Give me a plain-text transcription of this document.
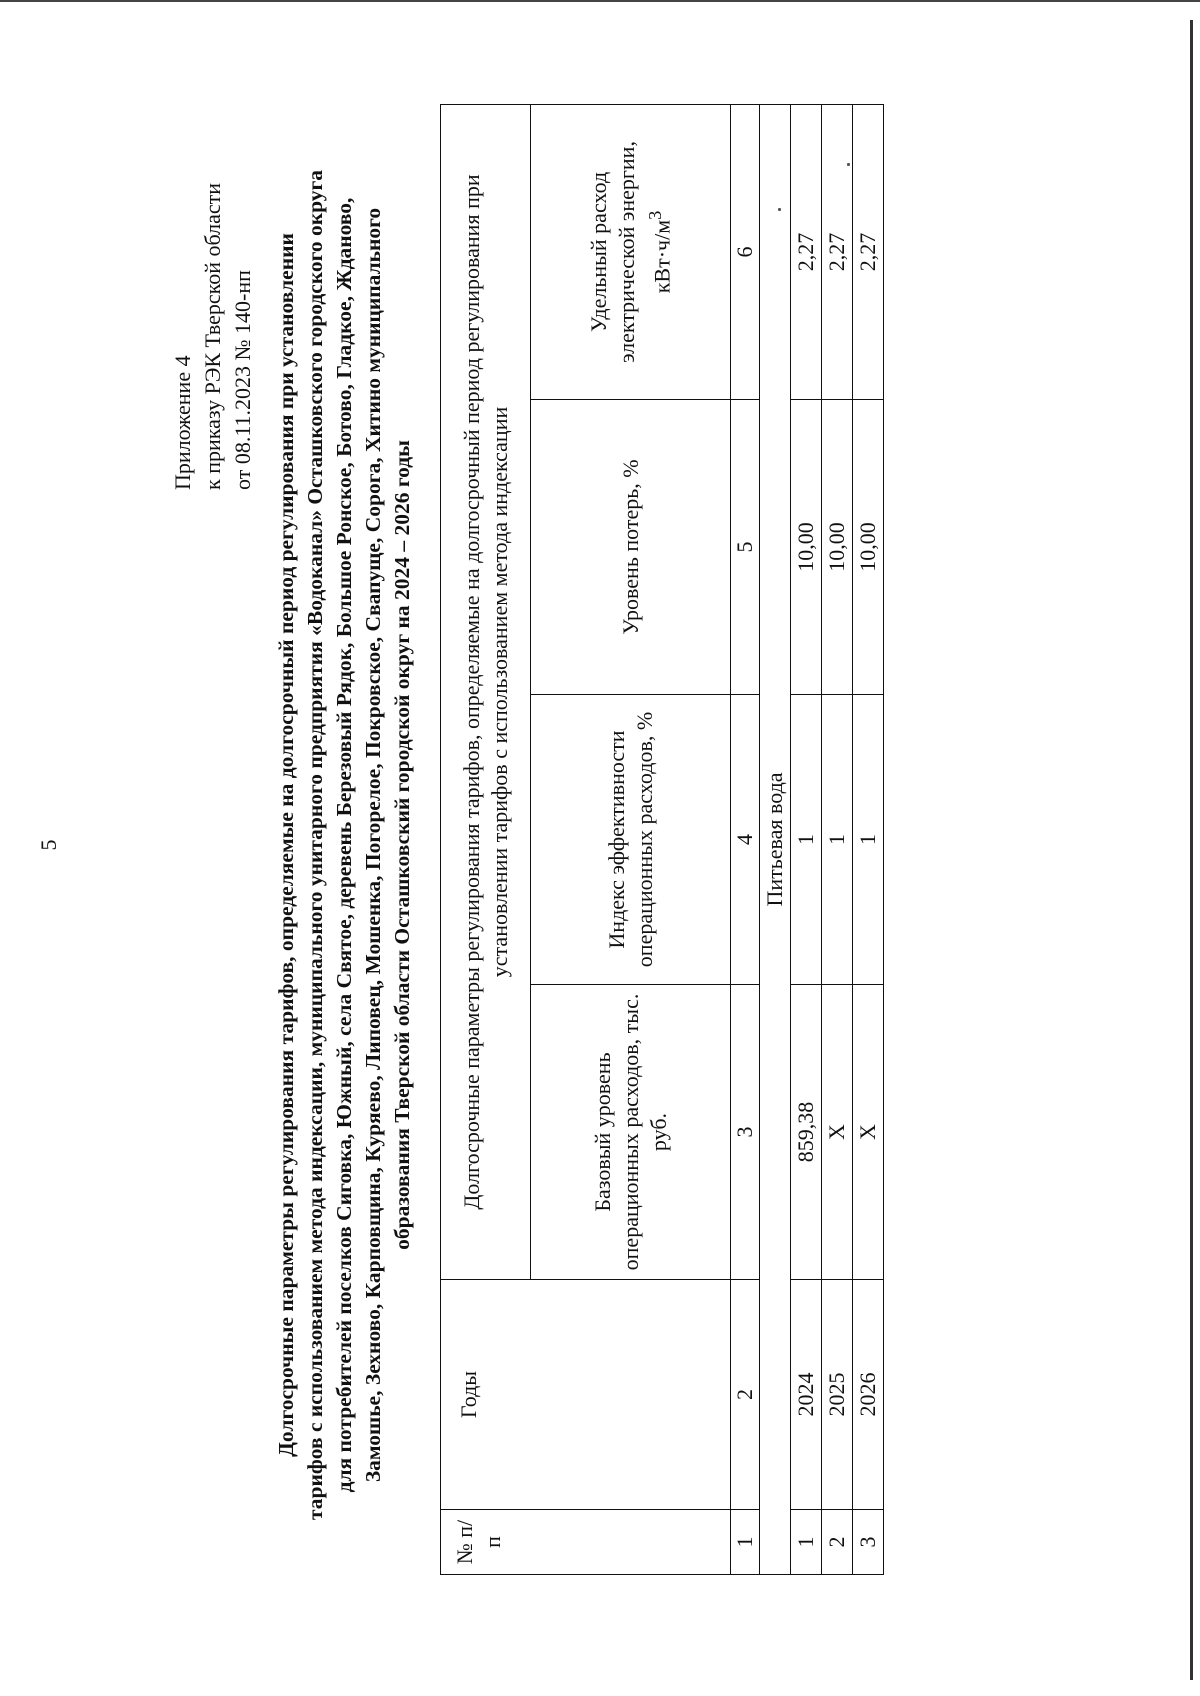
5
Приложение 4 к приказу РЭК Тверской области от 08.11.2023 № 140-нп Долгосрочные параметры регулирования тарифов, определяемые на долгосрочный период регулирования при установлении тарифов с использованием метода индексации, муниципального унитарного предприятия «Водоканал» Осташковского городского округа для потребителей поселков Сиговка, Южный, села Святое, деревень Березовый Рядок, Большое Ронское, Ботово, Гладкое, Жданово, Замошье, Зехново, Карповщина, Куряево, Липовец, Мошенка, Погорелое, Покровское, Свапуще, Сорога, Хитино муниципального образования Тверской области Осташковский городской округ на 2024 – 2026 годы
№ п/п	Годы	Долгосрочные параметры регулирования тарифов, определяемые на долгосрочный период регулирования при установлении тарифов с использованием метода индексации			
		Базовый уровень операционных расходов, тыс. руб.	Индекс эффективности операционных расходов, %	Уровень потерь, %	Удельный расход электрической энергии, $кВт\cdot ч/м^3$
1	2	3	4	5	6
Питьевая вода					
1	2024	859,38	1	10,00	2,27
2	2025	Х	1	10,00	2,27
3	2026	Х	1	10,00	2,27
